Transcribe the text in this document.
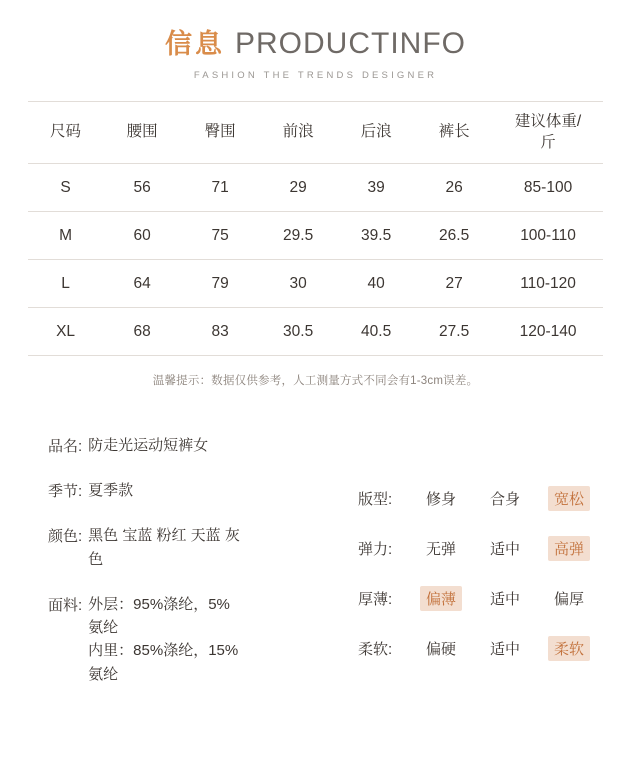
信息 PRODUCTINFO
FASHION THE TRENDS DESIGNER
尺码	腰围	臀围	前浪	后浪	裤长	建议体重/
斤

S	56	71	29	39	26	85-100
M	60	75	29.5	39.5	26.5	100-110
L	64	79	30	40	27	110-120
XL	68	83	30.5	40.5	27.5	120-140
温馨提示：数据仅供参考，人工测量方式不同会有1-3cm误差。
品名: 防走光运动短裤女
季节: 夏季款
颜色: 黑色 宝蓝 粉红 天蓝 灰
色
面料: 外层：95%涤纶，5%
氨纶
内里：85%涤纶，15%
氨纶
版型:	修身	合身	宽松
弹力:	无弹	适中	高弹
厚薄:	偏薄	适中	偏厚
柔软:	偏硬	适中	柔软
